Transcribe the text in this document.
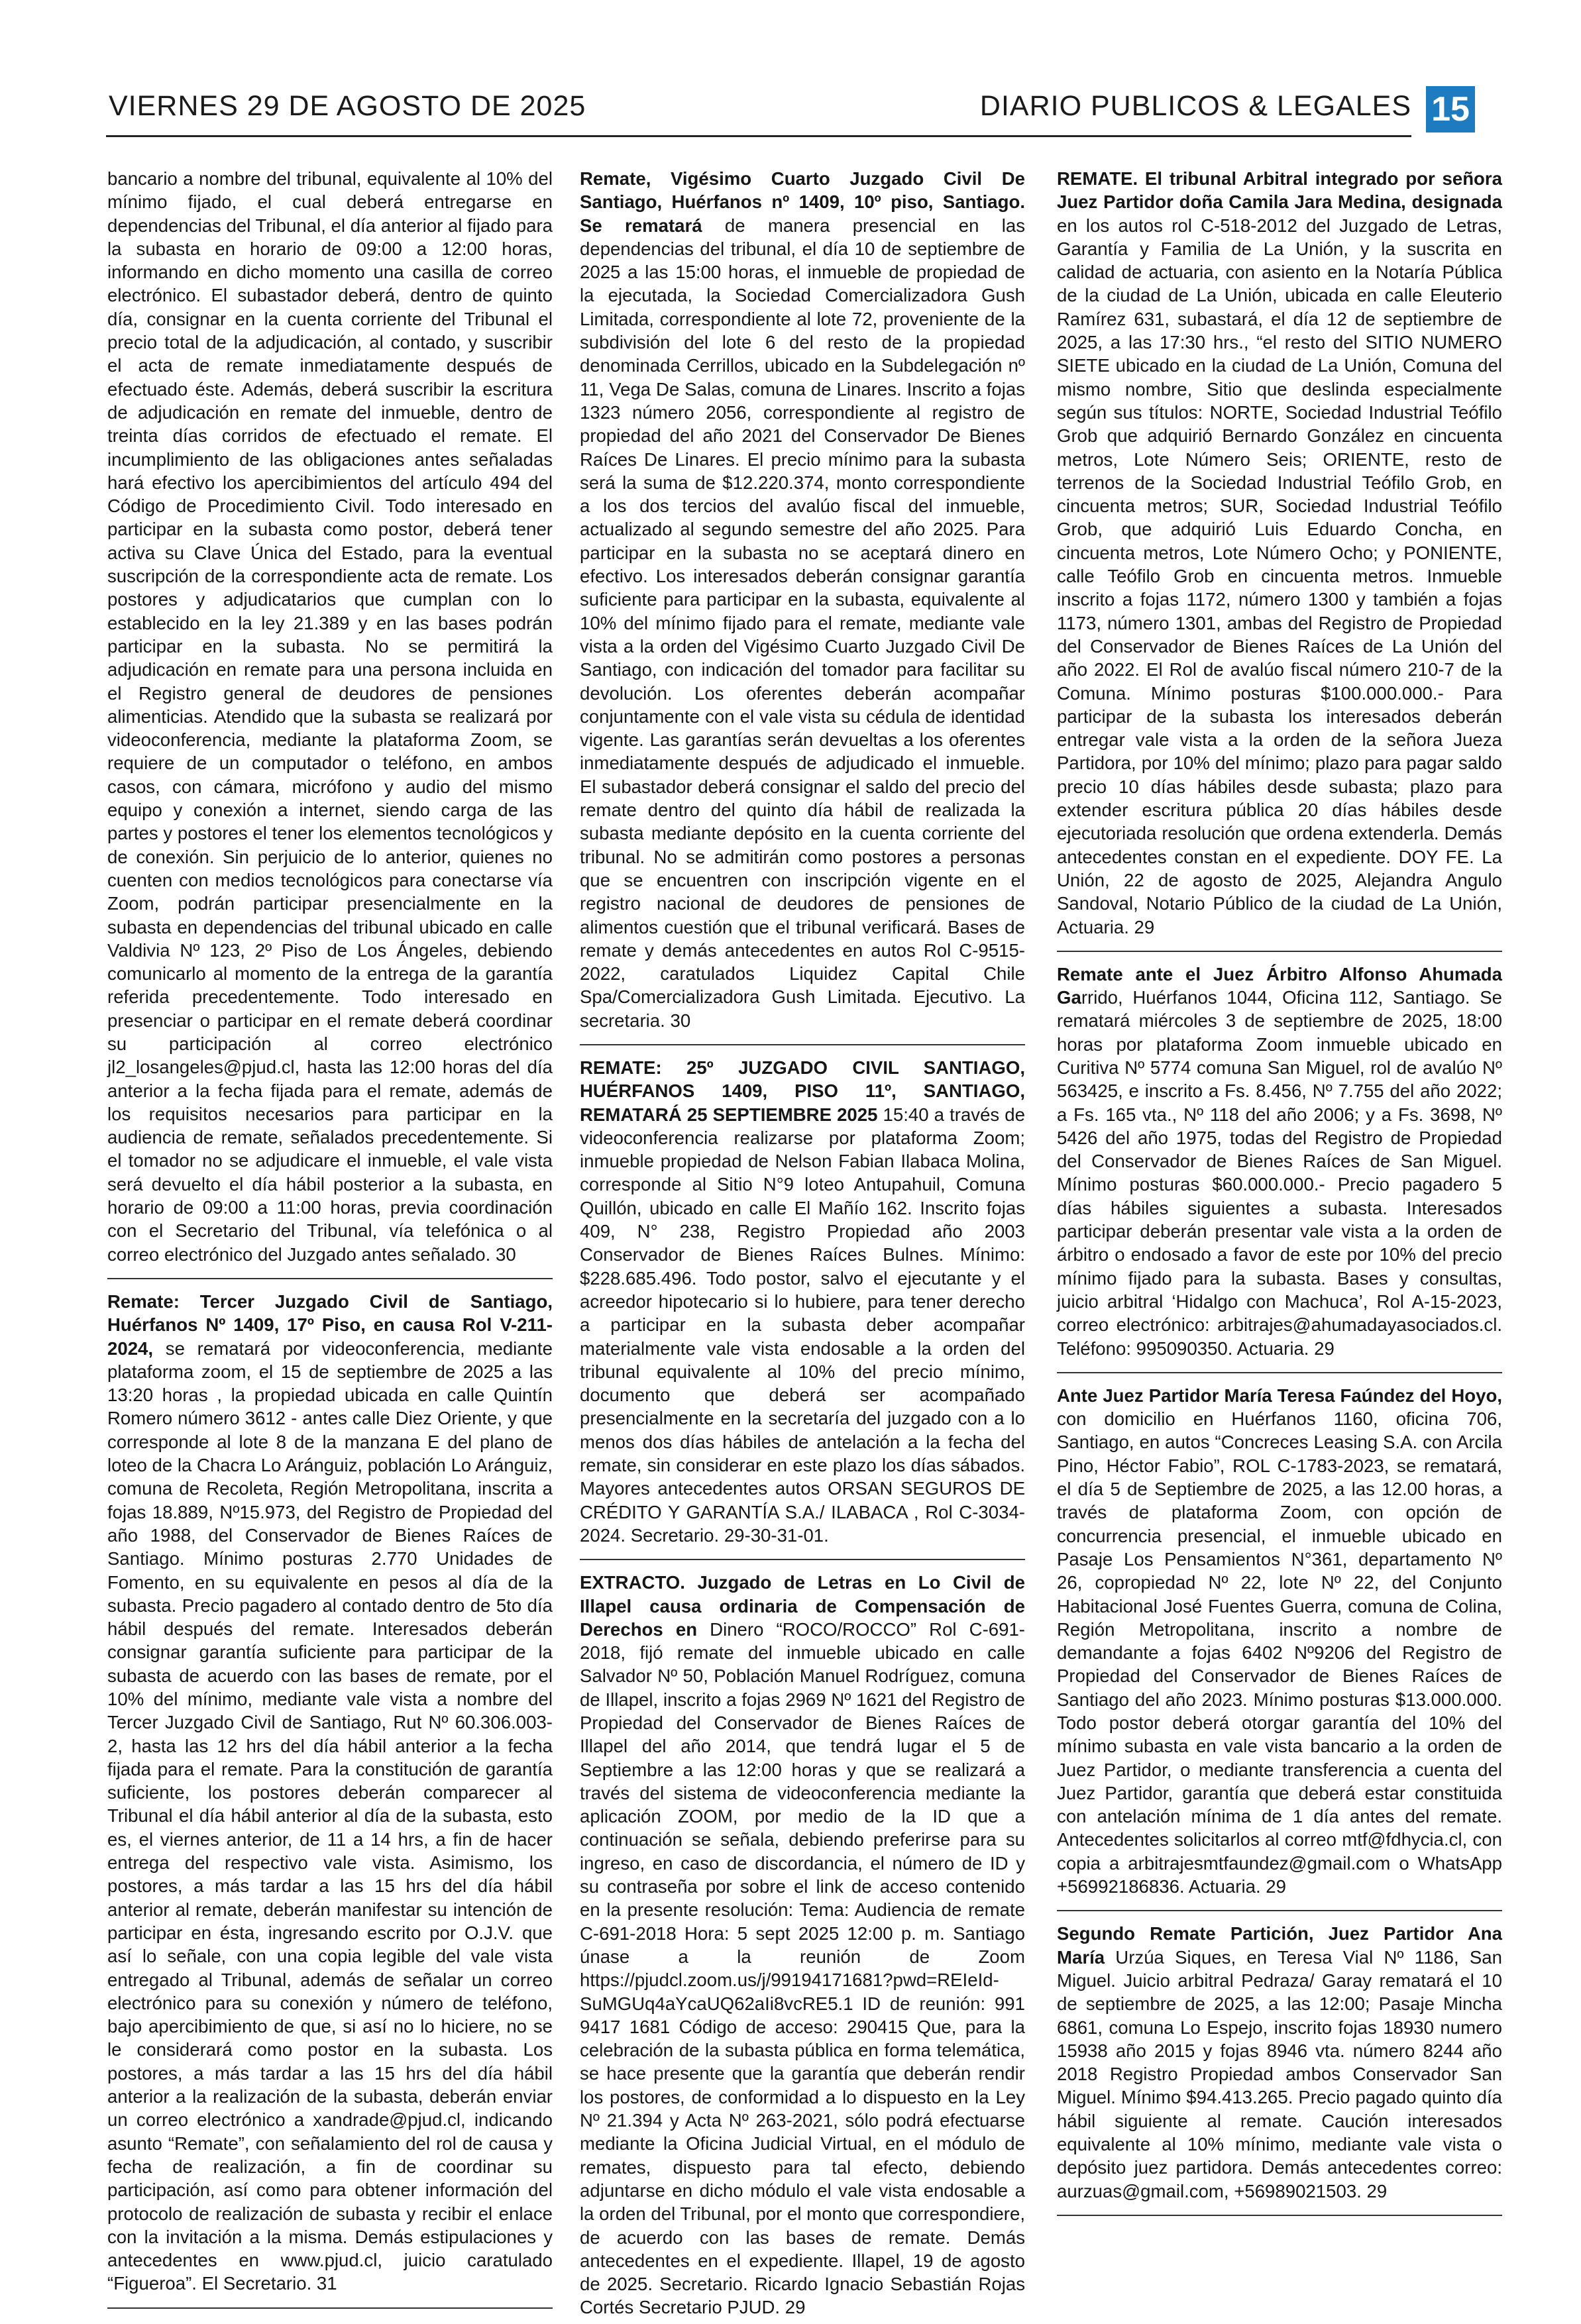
VIERNES 29 DE AGOSTO DE 2025	DIARIO PUBLICOS & LEGALES 15

bancario a nombre del tribunal, equivalente al 10% del mínimo fijado, el cual deberá entregarse en dependencias del Tribunal, el día anterior al fijado para la subasta en horario de 09:00 a 12:00 horas, informando en dicho momento una casilla de correo electrónico. El subastador deberá, dentro de quinto día, consignar en la cuenta corriente del Tribunal el precio total de la adjudicación, al contado, y suscribir el acta de remate inmediatamente después de efectuado éste. Además, deberá suscribir la escritura de adjudicación en remate del inmueble, dentro de treinta días corridos de efectuado el remate. El incumplimiento de las obligaciones antes señaladas hará efectivo los apercibimientos del artículo 494 del Código de Procedimiento Civil. Todo interesado en participar en la subasta como postor, deberá tener activa su Clave Única del Estado, para la eventual suscripción de la correspondiente acta de remate. Los postores y adjudicatarios que cumplan con lo establecido en la ley 21.389 y en las bases podrán participar en la subasta. No se permitirá la adjudicación en remate para una persona incluida en el Registro general de deudores de pensiones alimenticias. Atendido que la subasta se realizará por videoconferencia, mediante la plataforma Zoom, se requiere de un computador o teléfono, en ambos casos, con cámara, micrófono y audio del mismo equipo y conexión a internet, siendo carga de las partes y postores el tener los elementos tecnológicos y de conexión. Sin perjuicio de lo anterior, quienes no cuenten con medios tecnológicos para conectarse vía Zoom, podrán participar presencialmente en la subasta en dependencias del tribunal ubicado en calle Valdivia Nº 123, 2º Piso de Los Ángeles, debiendo comunicarlo al momento de la entrega de la garantía referida precedentemente. Todo interesado en presenciar o participar en el remate deberá coordinar su participación al correo electrónico jl2_losangeles@pjud.cl, hasta las 12:00 horas del día anterior a la fecha fijada para el remate, además de los requisitos necesarios para participar en la audiencia de remate, señalados precedentemente. Si el tomador no se adjudicare el inmueble, el vale vista será devuelto el día hábil posterior a la subasta, en horario de 09:00 a 11:00 horas, previa coordinación con el Secretario del Tribunal, vía telefónica o al correo electrónico del Juzgado antes señalado. 30

Remate: Tercer Juzgado Civil de Santiago, Huérfanos Nº 1409, 17º Piso, en causa Rol V-211-2024, se rematará por videoconferencia, mediante plataforma zoom, el 15 de septiembre de 2025 a las 13:20 horas , la propiedad ubicada en calle Quintín Romero número 3612 - antes calle Diez Oriente, y que corresponde al lote 8 de la manzana E del plano de loteo de la Chacra Lo Aránguiz, población Lo Aránguiz, comuna de Recoleta, Región Metropolitana, inscrita a fojas 18.889, Nº15.973, del Registro de Propiedad del año 1988, del Conservador de Bienes Raíces de Santiago. Mínimo posturas 2.770 Unidades de Fomento, en su equivalente en pesos al día de la subasta. Precio pagadero al contado dentro de 5to día hábil después del remate. Interesados deberán consignar garantía suficiente para participar de la subasta de acuerdo con las bases de remate, por el 10% del mínimo, mediante vale vista a nombre del Tercer Juzgado Civil de Santiago, Rut Nº 60.306.003-2, hasta las 12 hrs del día hábil anterior a la fecha fijada para el remate. Para la constitución de garantía suficiente, los postores deberán comparecer al Tribunal el día hábil anterior al día de la subasta, esto es, el viernes anterior, de 11 a 14 hrs, a fin de hacer entrega del respectivo vale vista. Asimismo, los postores, a más tardar a las 15 hrs del día hábil anterior al remate, deberán manifestar su intención de participar en ésta, ingresando escrito por O.J.V. que así lo señale, con una copia legible del vale vista entregado al Tribunal, además de señalar un correo electrónico para su conexión y número de teléfono, bajo apercibimiento de que, si así no lo hiciere, no se le considerará como postor en la subasta. Los postores, a más tardar a las 15 hrs del día hábil anterior a la realización de la subasta, deberán enviar un correo electrónico a xandrade@pjud.cl, indicando asunto “Remate”, con señalamiento del rol de causa y fecha de realización, a fin de coordinar su participación, así como para obtener información del protocolo de realización de subasta y recibir el enlace con la invitación a la misma. Demás estipulaciones y antecedentes en www.pjud.cl, juicio caratulado “Figueroa”. El Secretario. 31

Remate, Vigésimo Cuarto Juzgado Civil De Santiago, Huérfanos nº 1409, 10º piso, Santiago. Se rematará de manera presencial en las dependencias del tribunal, el día 10 de septiembre de 2025 a las 15:00 horas, el inmueble de propiedad de la ejecutada, la Sociedad Comercializadora Gush Limitada, correspondiente al lote 72, proveniente de la subdivisión del lote 6 del resto de la propiedad denominada Cerrillos, ubicado en la Subdelegación nº 11, Vega De Salas, comuna de Linares. Inscrito a fojas 1323 número 2056, correspondiente al registro de propiedad del año 2021 del Conservador De Bienes Raíces De Linares. El precio mínimo para la subasta será la suma de $12.220.374, monto correspondiente a los dos tercios del avalúo fiscal del inmueble, actualizado al segundo semestre del año 2025. Para participar en la subasta no se aceptará dinero en efectivo. Los interesados deberán consignar garantía suficiente para participar en la subasta, equivalente al 10% del mínimo fijado para el remate, mediante vale vista a la orden del Vigésimo Cuarto Juzgado Civil De Santiago, con indicación del tomador para facilitar su devolución. Los oferentes deberán acompañar conjuntamente con el vale vista su cédula de identidad vigente. Las garantías serán devueltas a los oferentes inmediatamente después de adjudicado el inmueble. El subastador deberá consignar el saldo del precio del remate dentro del quinto día hábil de realizada la subasta mediante depósito en la cuenta corriente del tribunal. No se admitirán como postores a personas que se encuentren con inscripción vigente en el registro nacional de deudores de pensiones de alimentos cuestión que el tribunal verificará. Bases de remate y demás antecedentes en autos Rol C-9515-2022, caratulados Liquidez Capital Chile Spa/Comercializadora Gush Limitada. Ejecutivo. La secretaria. 30

REMATE: 25º JUZGADO CIVIL SANTIAGO, HUÉRFANOS 1409, PISO 11º, SANTIAGO, REMATARÁ 25 SEPTIEMBRE 2025 15:40 a través de videoconferencia realizarse por plataforma Zoom; inmueble propiedad de Nelson Fabian Ilabaca Molina, corresponde al Sitio N°9 loteo Antupahuil, Comuna Quillón, ubicado en calle El Mañío 162. Inscrito fojas 409, N° 238, Registro Propiedad año 2003 Conservador de Bienes Raíces Bulnes. Mínimo: $228.685.496. Todo postor, salvo el ejecutante y el acreedor hipotecario si lo hubiere, para tener derecho a participar en la subasta deber acompañar materialmente vale vista endosable a la orden del tribunal equivalente al 10% del precio mínimo, documento que deberá ser acompañado presencialmente en la secretaría del juzgado con a lo menos dos días hábiles de antelación a la fecha del remate, sin considerar en este plazo los días sábados. Mayores antecedentes autos ORSAN SEGUROS DE CRÉDITO Y GARANTÍA S.A./ ILABACA , Rol C-3034-2024. Secretario. 29-30-31-01.

EXTRACTO. Juzgado de Letras en Lo Civil de Illapel causa ordinaria de Compensación de Derechos en Dinero “ROCO/ROCCO” Rol C-691-2018, fijó remate del inmueble ubicado en calle Salvador Nº 50, Población Manuel Rodríguez, comuna de Illapel, inscrito a fojas 2969 Nº 1621 del Registro de Propiedad del Conservador de Bienes Raíces de Illapel del año 2014, que tendrá lugar el 5 de Septiembre a las 12:00 horas y que se realizará a través del sistema de videoconferencia mediante la aplicación ZOOM, por medio de la ID que a continuación se señala, debiendo preferirse para su ingreso, en caso de discordancia, el número de ID y su contraseña por sobre el link de acceso contenido en la presente resolución: Tema: Audiencia de remate C-691-2018 Hora: 5 sept 2025 12:00 p. m. Santiago únase a la reunión de Zoom https://pjudcl.zoom.us/j/99194171681?pwd=REIeId-SuMGUq4aYcaUQ62aIi8vcRE5.1 ID de reunión: 991 9417 1681 Código de acceso: 290415 Que, para la celebración de la subasta pública en forma telemática, se hace presente que la garantía que deberán rendir los postores, de conformidad a lo dispuesto en la Ley Nº 21.394 y Acta Nº 263-2021, sólo podrá efectuarse mediante la Oficina Judicial Virtual, en el módulo de remates, dispuesto para tal efecto, debiendo adjuntarse en dicho módulo el vale vista endosable a la orden del Tribunal, por el monto que correspondiere, de acuerdo con las bases de remate. Demás antecedentes en el expediente. Illapel, 19 de agosto de 2025. Secretario. Ricardo Ignacio Sebastián Rojas Cortés Secretario PJUD. 29

REMATE. El tribunal Arbitral integrado por señora Juez Partidor doña Camila Jara Medina, designada en los autos rol C-518-2012 del Juzgado de Letras, Garantía y Familia de La Unión, y la suscrita en calidad de actuaria, con asiento en la Notaría Pública de la ciudad de La Unión, ubicada en calle Eleuterio Ramírez 631, subastará, el día 12 de septiembre de 2025, a las 17:30 hrs., “el resto del SITIO NUMERO SIETE ubicado en la ciudad de La Unión, Comuna del mismo nombre, Sitio que deslinda especialmente según sus títulos: NORTE, Sociedad Industrial Teófilo Grob que adquirió Bernardo González en cincuenta metros, Lote Número Seis; ORIENTE, resto de terrenos de la Sociedad Industrial Teófilo Grob, en cincuenta metros; SUR, Sociedad Industrial Teófilo Grob, que adquirió Luis Eduardo Concha, en cincuenta metros, Lote Número Ocho; y PONIENTE, calle Teófilo Grob en cincuenta metros. Inmueble inscrito a fojas 1172, número 1300 y también a fojas 1173, número 1301, ambas del Registro de Propiedad del Conservador de Bienes Raíces de La Unión del año 2022. El Rol de avalúo fiscal número 210-7 de la Comuna. Mínimo posturas $100.000.000.- Para participar de la subasta los interesados deberán entregar vale vista a la orden de la señora Jueza Partidora, por 10% del mínimo; plazo para pagar saldo precio 10 días hábiles desde subasta; plazo para extender escritura pública 20 días hábiles desde ejecutoriada resolución que ordena extenderla. Demás antecedentes constan en el expediente. DOY FE. La Unión, 22 de agosto de 2025, Alejandra Angulo Sandoval, Notario Público de la ciudad de La Unión, Actuaria. 29

Remate ante el Juez Árbitro Alfonso Ahumada Garrido, Huérfanos 1044, Oficina 112, Santiago. Se rematará miércoles 3 de septiembre de 2025, 18:00 horas por plataforma Zoom inmueble ubicado en Curitiva Nº 5774 comuna San Miguel, rol de avalúo Nº 563425, e inscrito a Fs. 8.456, Nº 7.755 del año 2022; a Fs. 165 vta., Nº 118 del año 2006; y a Fs. 3698, Nº 5426 del año 1975, todas del Registro de Propiedad del Conservador de Bienes Raíces de San Miguel. Mínimo posturas $60.000.000.- Precio pagadero 5 días hábiles siguientes a subasta. Interesados participar deberán presentar vale vista a la orden de árbitro o endosado a favor de este por 10% del precio mínimo fijado para la subasta. Bases y consultas, juicio arbitral ‘Hidalgo con Machuca’, Rol A-15-2023, correo electrónico: arbitrajes@ahumadayasociados.cl. Teléfono: 995090350. Actuaria. 29

Ante Juez Partidor María Teresa Faúndez del Hoyo, con domicilio en Huérfanos 1160, oficina 706, Santiago, en autos “Concreces Leasing S.A. con Arcila Pino, Héctor Fabio”, ROL C-1783-2023, se rematará, el día 5 de Septiembre de 2025, a las 12.00 horas, a través de plataforma Zoom, con opción de concurrencia presencial, el inmueble ubicado en Pasaje Los Pensamientos N°361, departamento Nº 26, copropiedad Nº 22, lote Nº 22, del Conjunto Habitacional José Fuentes Guerra, comuna de Colina, Región Metropolitana, inscrito a nombre de demandante a fojas 6402 Nº9206 del Registro de Propiedad del Conservador de Bienes Raíces de Santiago del año 2023. Mínimo posturas $13.000.000. Todo postor deberá otorgar garantía del 10% del mínimo subasta en vale vista bancario a la orden de Juez Partidor, o mediante transferencia a cuenta del Juez Partidor, garantía que deberá estar constituida con antelación mínima de 1 día antes del remate. Antecedentes solicitarlos al correo mtf@fdhycia.cl, con copia a arbitrajesmtfaundez@gmail.com o WhatsApp +56992186836. Actuaria. 29

Segundo Remate Partición, Juez Partidor Ana María Urzúa Siques, en Teresa Vial Nº 1186, San Miguel. Juicio arbitral Pedraza/ Garay rematará el 10 de septiembre de 2025, a las 12:00; Pasaje Mincha 6861, comuna Lo Espejo, inscrito fojas 18930 numero 15938 año 2015 y fojas 8946 vta. número 8244 año 2018 Registro Propiedad ambos Conservador San Miguel. Mínimo $94.413.265. Precio pagado quinto día hábil siguiente al remate. Caución interesados equivalente al 10% mínimo, mediante vale vista o depósito juez partidora. Demás antecedentes correo: aurzuas@gmail.com, +56989021503. 29
